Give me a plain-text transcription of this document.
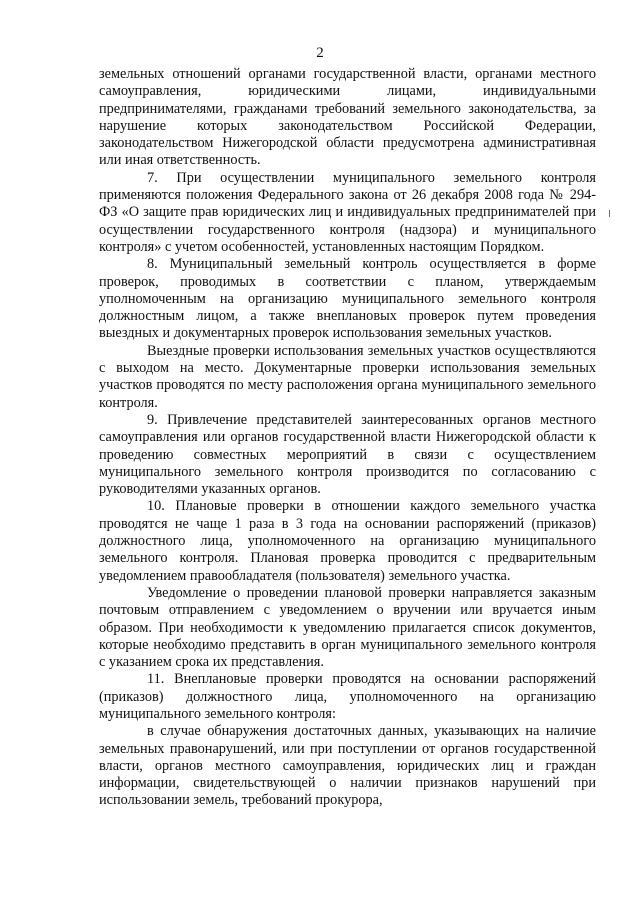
2

земельных отношений органами государственной власти, органами местного самоуправления, юридическими лицами, индивидуальными предпринимателями, гражданами требований земельного законодательства, за нарушение которых законодательством Российской Федерации, законодательством Нижегородской области предусмотрена административная или иная ответственность.

7. При осуществлении муниципального земельного контроля применяются положения Федерального закона от 26 декабря 2008 года № 294-ФЗ «О защите прав юридических лиц и индивидуальных предпринимателей при осуществлении государственного контроля (надзора) и муниципального контроля» с учетом особенностей, установленных настоящим Порядком.

8. Муниципальный земельный контроль осуществляется в форме проверок, проводимых в соответствии с планом, утверждаемым уполномоченным на организацию муниципального земельного контроля должностным лицом, а также внеплановых проверок путем проведения выездных и документарных проверок использования земельных участков.

Выездные проверки использования земельных участков осуществляются с выходом на место. Документарные проверки использования земельных участков проводятся по месту расположения органа муниципального земельного контроля.

9. Привлечение представителей заинтересованных органов местного самоуправления или органов государственной власти Нижегородской области к проведению совместных мероприятий в связи с осуществлением муниципального земельного контроля производится по согласованию с руководителями указанных органов.

10. Плановые проверки в отношении каждого земельного участка проводятся не чаще 1 раза в 3 года на основании распоряжений (приказов) должностного лица, уполномоченного на организацию муниципального земельного контроля. Плановая проверка проводится с предварительным уведомлением правообладателя (пользователя) земельного участка.

Уведомление о проведении плановой проверки направляется заказным почтовым отправлением с уведомлением о вручении или вручается иным образом. При необходимости к уведомлению прилагается список документов, которые необходимо представить в орган муниципального земельного контроля с указанием срока их представления.

11. Внеплановые проверки проводятся на основании распоряжений (приказов) должностного лица, уполномоченного на организацию муниципального земельного контроля:

в случае обнаружения достаточных данных, указывающих на наличие земельных правонарушений, или при поступлении от органов государственной власти, органов местного самоуправления, юридических лиц и граждан информации, свидетельствующей о наличии признаков нарушений при использовании земель, требований прокурора,
